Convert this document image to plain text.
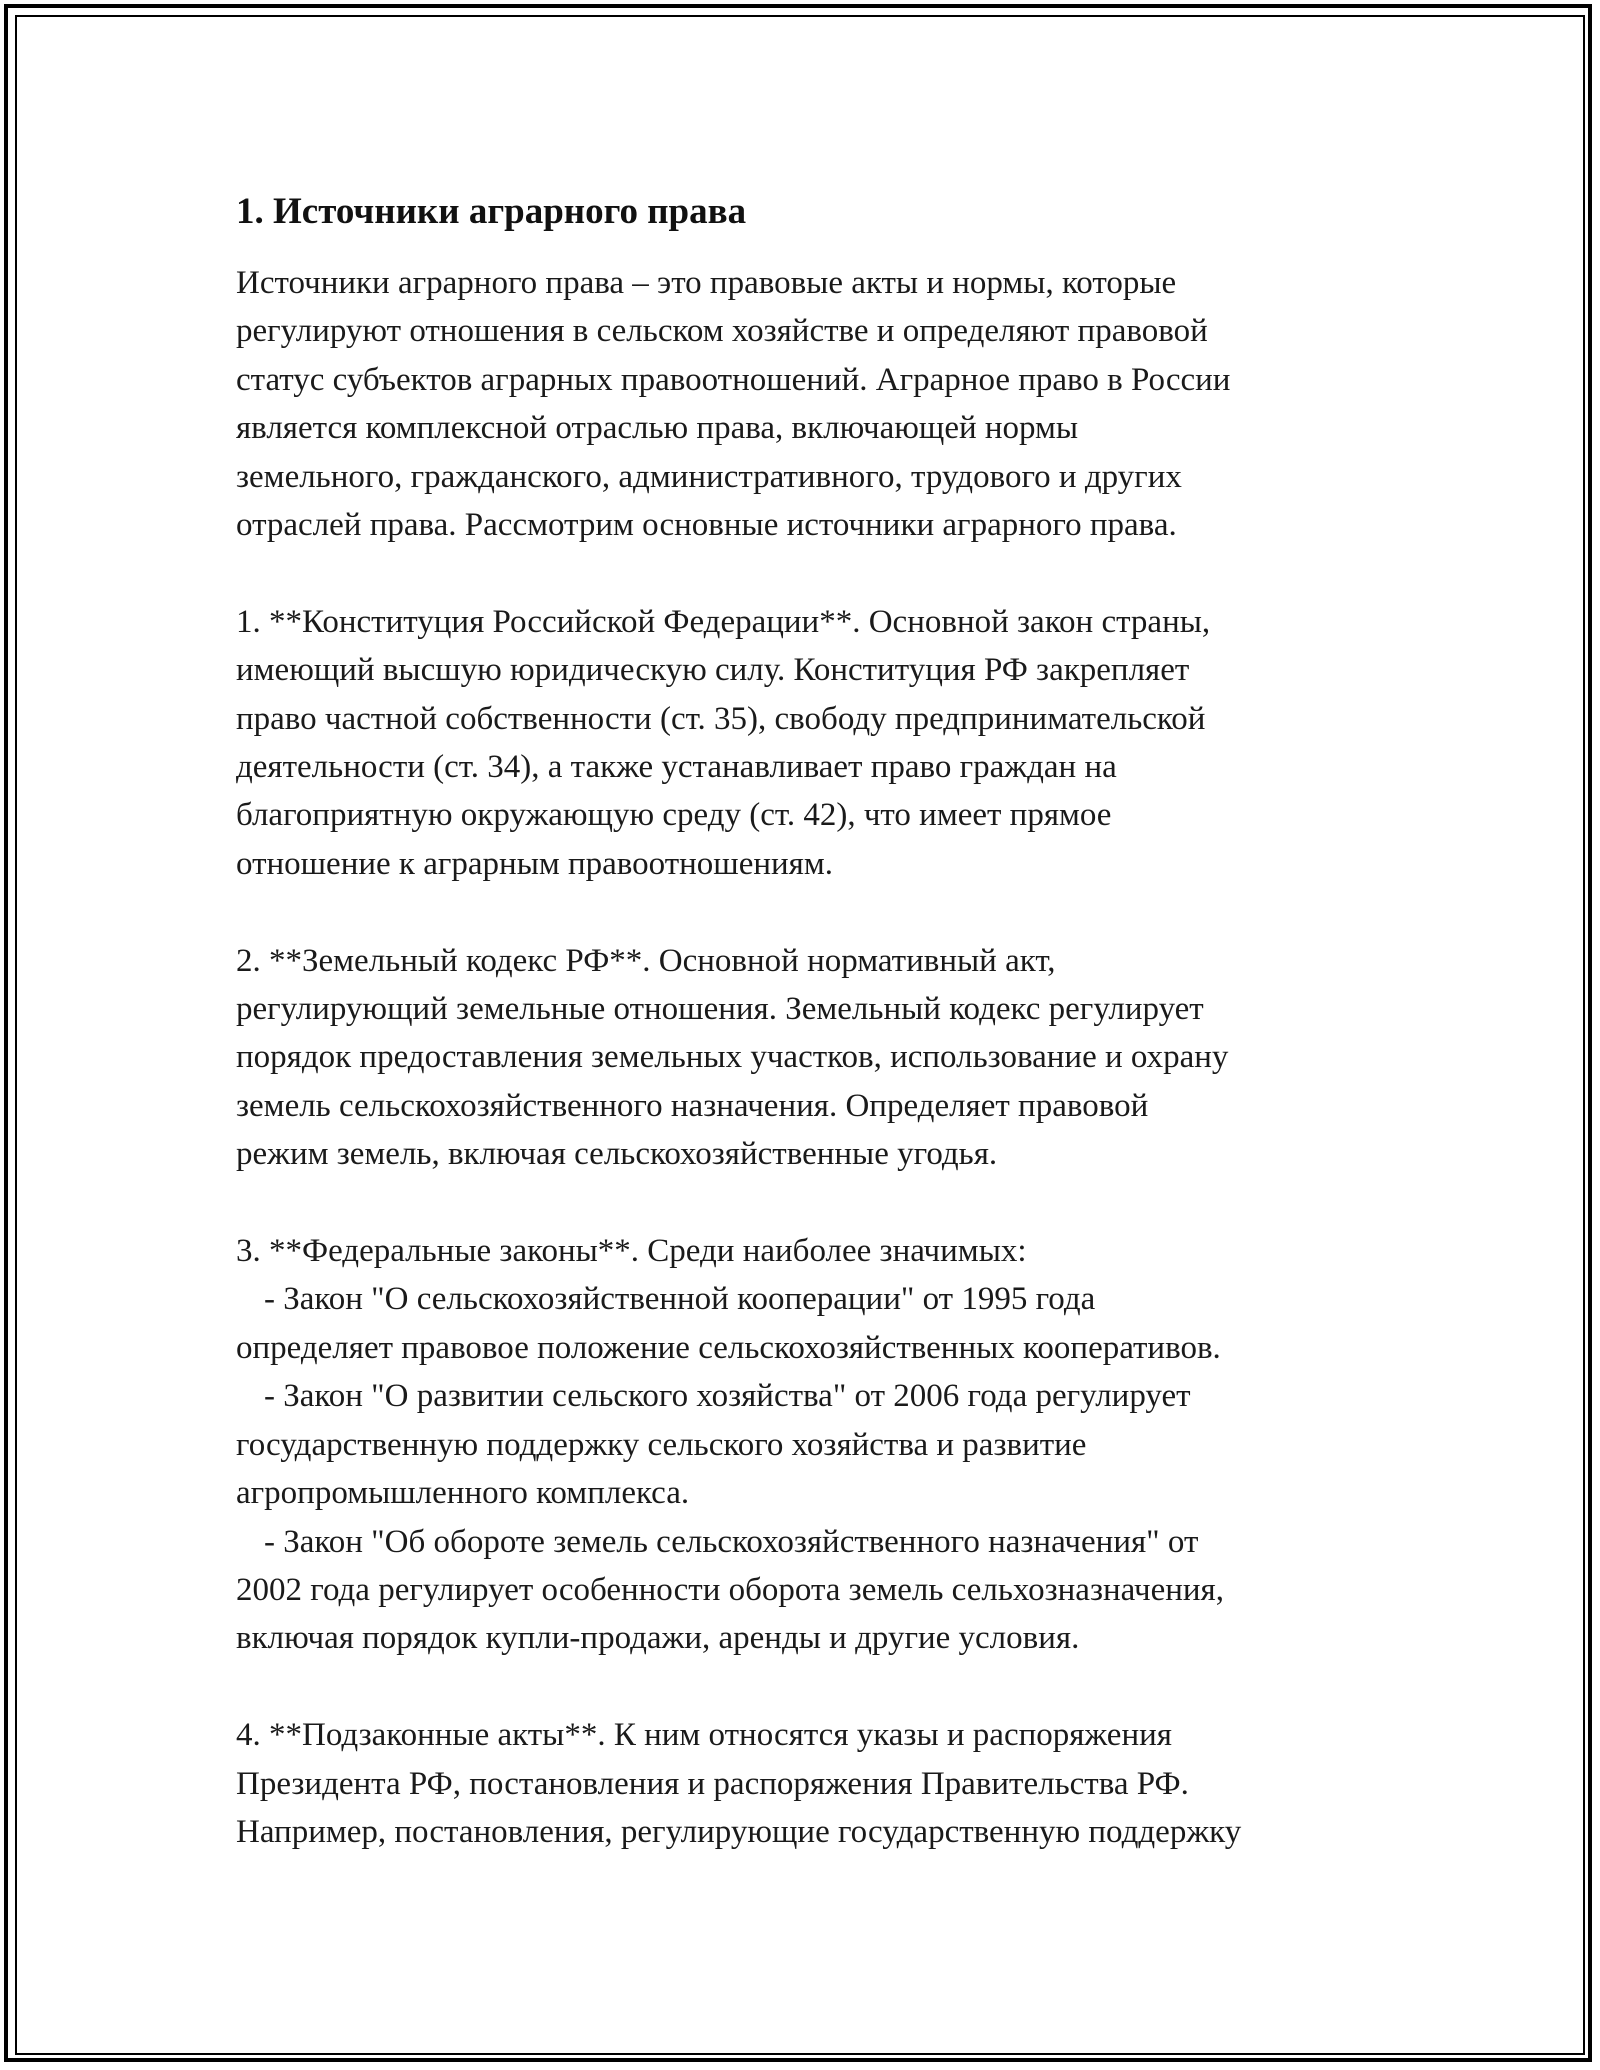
1. Источники аграрного права

Источники аграрного права – это правовые акты и нормы, которые
регулируют отношения в сельском хозяйстве и определяют правовой
статус субъектов аграрных правоотношений. Аграрное право в России
является комплексной отраслью права, включающей нормы
земельного, гражданского, административного, трудового и других
отраслей права. Рассмотрим основные источники аграрного права.

1. **Конституция Российской Федерации**. Основной закон страны,
имеющий высшую юридическую силу. Конституция РФ закрепляет
право частной собственности (ст. 35), свободу предпринимательской
деятельности (ст. 34), а также устанавливает право граждан на
благоприятную окружающую среду (ст. 42), что имеет прямое
отношение к аграрным правоотношениям.

2. **Земельный кодекс РФ**. Основной нормативный акт,
регулирующий земельные отношения. Земельный кодекс регулирует
порядок предоставления земельных участков, использование и охрану
земель сельскохозяйственного назначения. Определяет правовой
режим земель, включая сельскохозяйственные угодья.

3. **Федеральные законы**. Среди наиболее значимых:

- Закон "О сельскохозяйственной кооперации" от 1995 года
определяет правовое положение сельскохозяйственных кооперативов.

- Закон "О развитии сельского хозяйства" от 2006 года регулирует
государственную поддержку сельского хозяйства и развитие
агропромышленного комплекса.

- Закон "Об обороте земель сельскохозяйственного назначения" от
2002 года регулирует особенности оборота земель сельхозназначения,
включая порядок купли-продажи, аренды и другие условия.

4. **Подзаконные акты**. К ним относятся указы и распоряжения
Президента РФ, постановления и распоряжения Правительства РФ.
Например, постановления, регулирующие государственную поддержку
